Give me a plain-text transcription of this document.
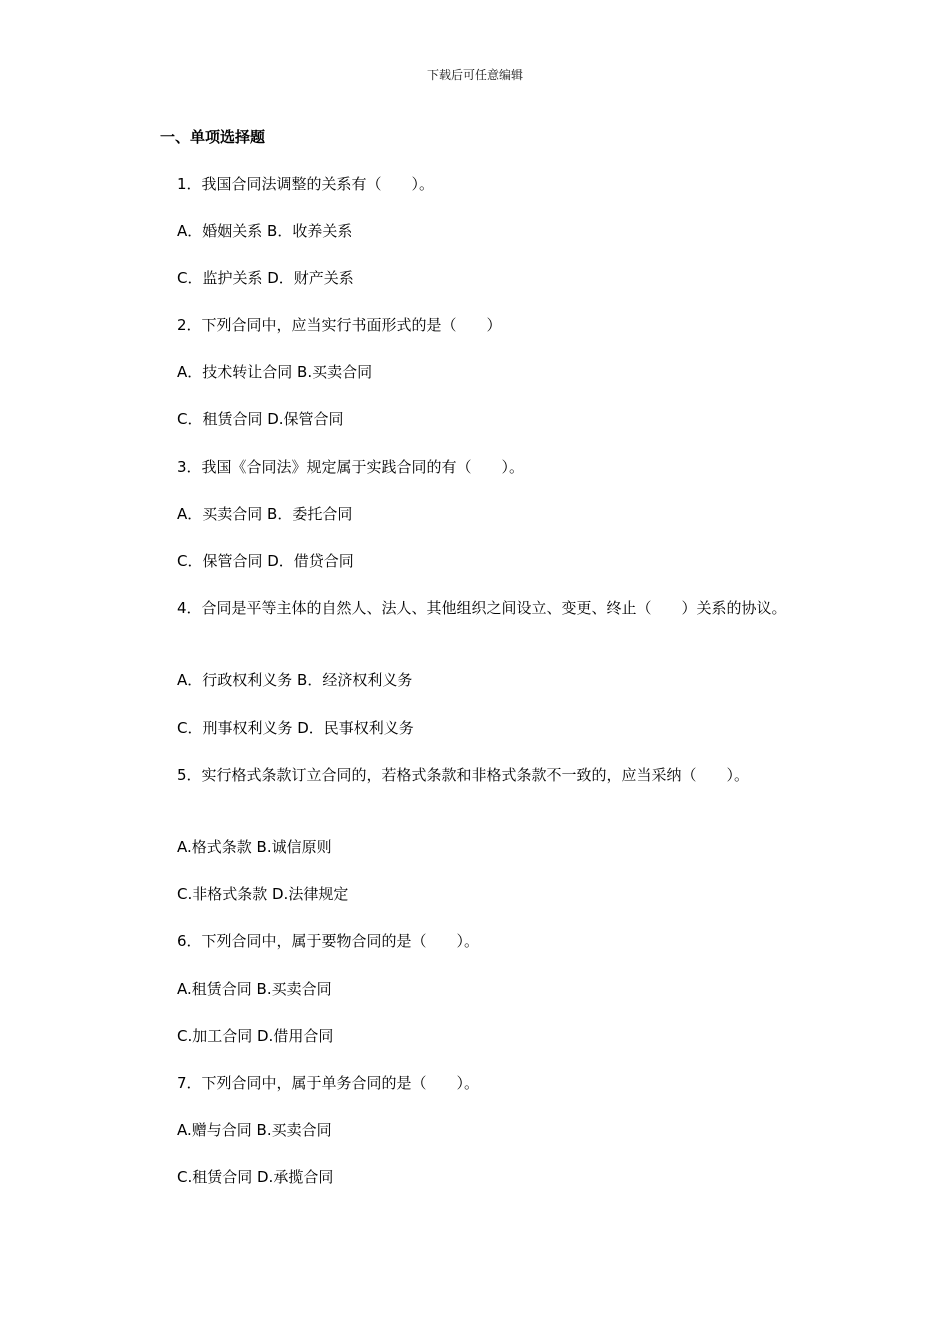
下载后可任意编辑
一、单项选择题
1．我国合同法调整的关系有（　　）。
A．婚姻关系 B．收养关系
C．监护关系 D．财产关系
2．下列合同中，应当实行书面形式的是（　　）
A．技术转让合同 B.买卖合同
C．租赁合同 D.保管合同
3．我国《合同法》规定属于实践合同的有（　　）。
A．买卖合同 B．委托合同
C．保管合同 D．借贷合同
4．合同是平等主体的自然人、法人、其他组织之间设立、变更、终止（　　）关系的协议。
A．行政权利义务 B．经济权利义务
C．刑事权利义务 D．民事权利义务
5．实行格式条款订立合同的，若格式条款和非格式条款不一致的，应当采纳（　　）。
A.格式条款 B.诚信原则
C.非格式条款 D.法律规定
6．下列合同中，属于要物合同的是（　　）。
A.租赁合同 B.买卖合同
C.加工合同 D.借用合同
7．下列合同中，属于单务合同的是（　　）。
A.赠与合同 B.买卖合同
C.租赁合同 D.承揽合同
